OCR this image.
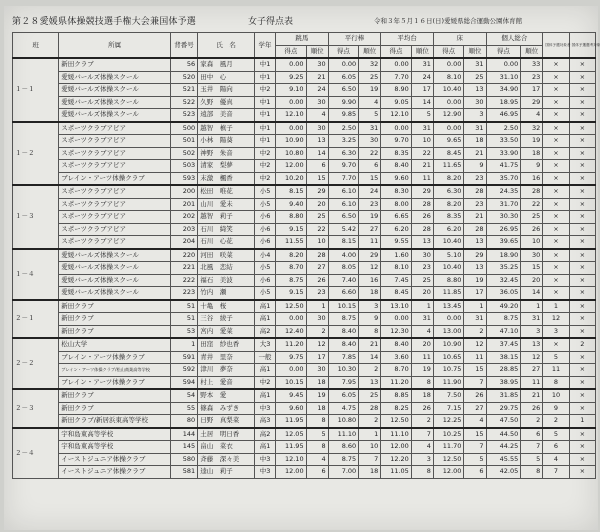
第２８愛媛県体操競技選手権大会兼国体予選	女子得点表	令和３年５月１６日(日)愛媛県総合運動公園体育館
班	所属	背番号	氏　名	学年	跳馬		平行棒		平均台		床		個人総合		国体予選対象者	国体予選選考対象
					得点	順位	得点	順位	得点	順位	得点	順位	得点	順位		
１－１	新田クラブ	56	家森　風月	中1	0.00	30	0.00	32	0.00	31	0.00	31	0.00	33	×	×
	愛媛バールズ体操スクール	520	田中　心	中1	9.25	21	6.05	25	7.70	24	8.10	25	31.10	23	×	×
	愛媛バールズ体操スクール	521	玉井　陽向	中2	9.10	24	6.50	19	8.90	17	10.40	13	34.90	17	×	×
	愛媛バールズ体操スクール	522	久野　優真	中1	0.00	30	9.90	4	9.05	14	0.00	30	18.95	29	×	×
	愛媛バールズ体操スクール	523	遠部　美音	中1	12.10	4	9.85	5	12.10	5	12.90	3	46.95	4	×	×
１－２	スポーツクラブアピア	500	越智　槙子	中1	0.00	30	2.50	31	0.00	31	0.00	31	2.50	32	×	×
	スポーツクラブアピア	501	小林　陽葵	中1	10.90	13	3.25	30	9.70	10	9.65	18	33.50	19	×	×
	スポーツクラブアピア	502	神野　朱音	中2	10.80	14	6.30	22	8.35	22	8.45	21	33.90	18	×	×
	スポーツクラブアピア	503	清家　梨夢	中2	12.00	6	9.70	6	8.40	21	11.65	9	41.75	9	×	×
	ブレイン・アーツ体操クラブ	593	末激　楓香	中2	10.20	15	7.70	15	9.60	11	8.20	23	35.70	16	×	×
１－３	スポーツクラブアピア	200	松田　唯花	小5	8.15	29	6.10	24	8.30	29	6.30	28	24.35	28	×	×
	スポーツクラブアピア	201	山川　愛未	小5	9.40	20	6.10	23	8.00	28	8.20	23	31.70	22	×	×
	スポーツクラブアピア	202	越智　莉子	小6	8.80	25	6.50	19	6.65	26	8.35	21	30.30	25	×	×
	スポーツクラブアピア	203	石川　綺笑	小6	9.15	22	5.42	27	6.20	28	6.20	28	26.95	26	×	×
	スポーツクラブアピア	204	石川　心花	小6	11.55	10	8.15	11	9.55	13	10.40	13	39.65	10	×	×
１－４	愛媛バールズ体操スクール	220	河田　咲菜	小4	8.20	28	4.00	29	1.60	30	5.10	29	18.90	30	×	×
	愛媛バールズ体操スクール	221	北風　恋結	小5	8.70	27	8.05	12	8.10	23	10.40	13	35.25	15	×	×
	愛媛バールズ体操スクール	222	福石　美波	小6	8.75	26	7.40	16	7.45	25	8.80	19	32.45	20	×	×
	愛媛バールズ体操スクール	223	竹内　瀬	小5	9.15	23	6.60	18	8.45	20	11.85	17	36.05	14	×	×
２－１	新田クラブ	51	十亀　桜	高1	12.50	1	10.15	3	13.10	1	13.45	1	49.20	1	1	×
	新田クラブ	51	三谷　綾子	高1	0.00	30	8.75	9	0.00	31	0.00	31	8.75	31	12	×
	新田クラブ	53	宮内　愛菜	高2	12.40	2	8.40	8	12.30	4	13.00	2	47.10	3	3	×
２－２	松山大学	1	田窪　紗也香	大3	11.20	12	8.40	21	8.40	20	10.90	12	37.45	13	×	2
	ブレイン・アーツ体操クラブ	591	青井　里奈	一般	9.75	17	7.85	14	3.60	11	10.65	11	38.15	12	5	×
	ブレイン・アーツ体操クラブ/松山商業高等学校	592	津川　夢奈	高1	0.00	30	10.30	2	8.70	19	10.75	15	28.85	27	11	×
	ブレイン・アーツ体操クラブ	594	村上　愛音	中2	10.15	18	7.95	13	11.20	8	11.90	7	38.95	11	8	×
２－３	新田クラブ	54	野本　愛	高1	9.45	19	6.05	25	8.85	18	7.50	26	31.85	21	10	×
	新田クラブ	55	篠森　みずき	中3	9.60	18	4.75	28	8.25	26	7.15	27	29.75	26	9	×
	新田クラブ/新居浜東高等学校	80	日野　真梨菜	高3	11.95	8	10.80	2	12.50	2	12.25	4	47.50	2	2	1
２－４	宇和島東高等学校	144	土居　明日香	高2	12.05	5	11.10	1	11.10	7	10.25	15	44.50	6	5	×
	宇和島東高等学校	145	畠山　菜衣	高1	11.95	8	8.60	10	12.00	4	11.70	7	44.25	7	6	×
	イーストジュニア体操クラブ	580	斉藤　深々美	中3	12.10	4	8.75	7	12.20	3	12.50	5	45.55	5	4	×
	イーストジュニア体操クラブ	581	逵山　莉子	中3	12.00	6	7.00	18	11.05	8	12.00	6	42.05	8	7	×
